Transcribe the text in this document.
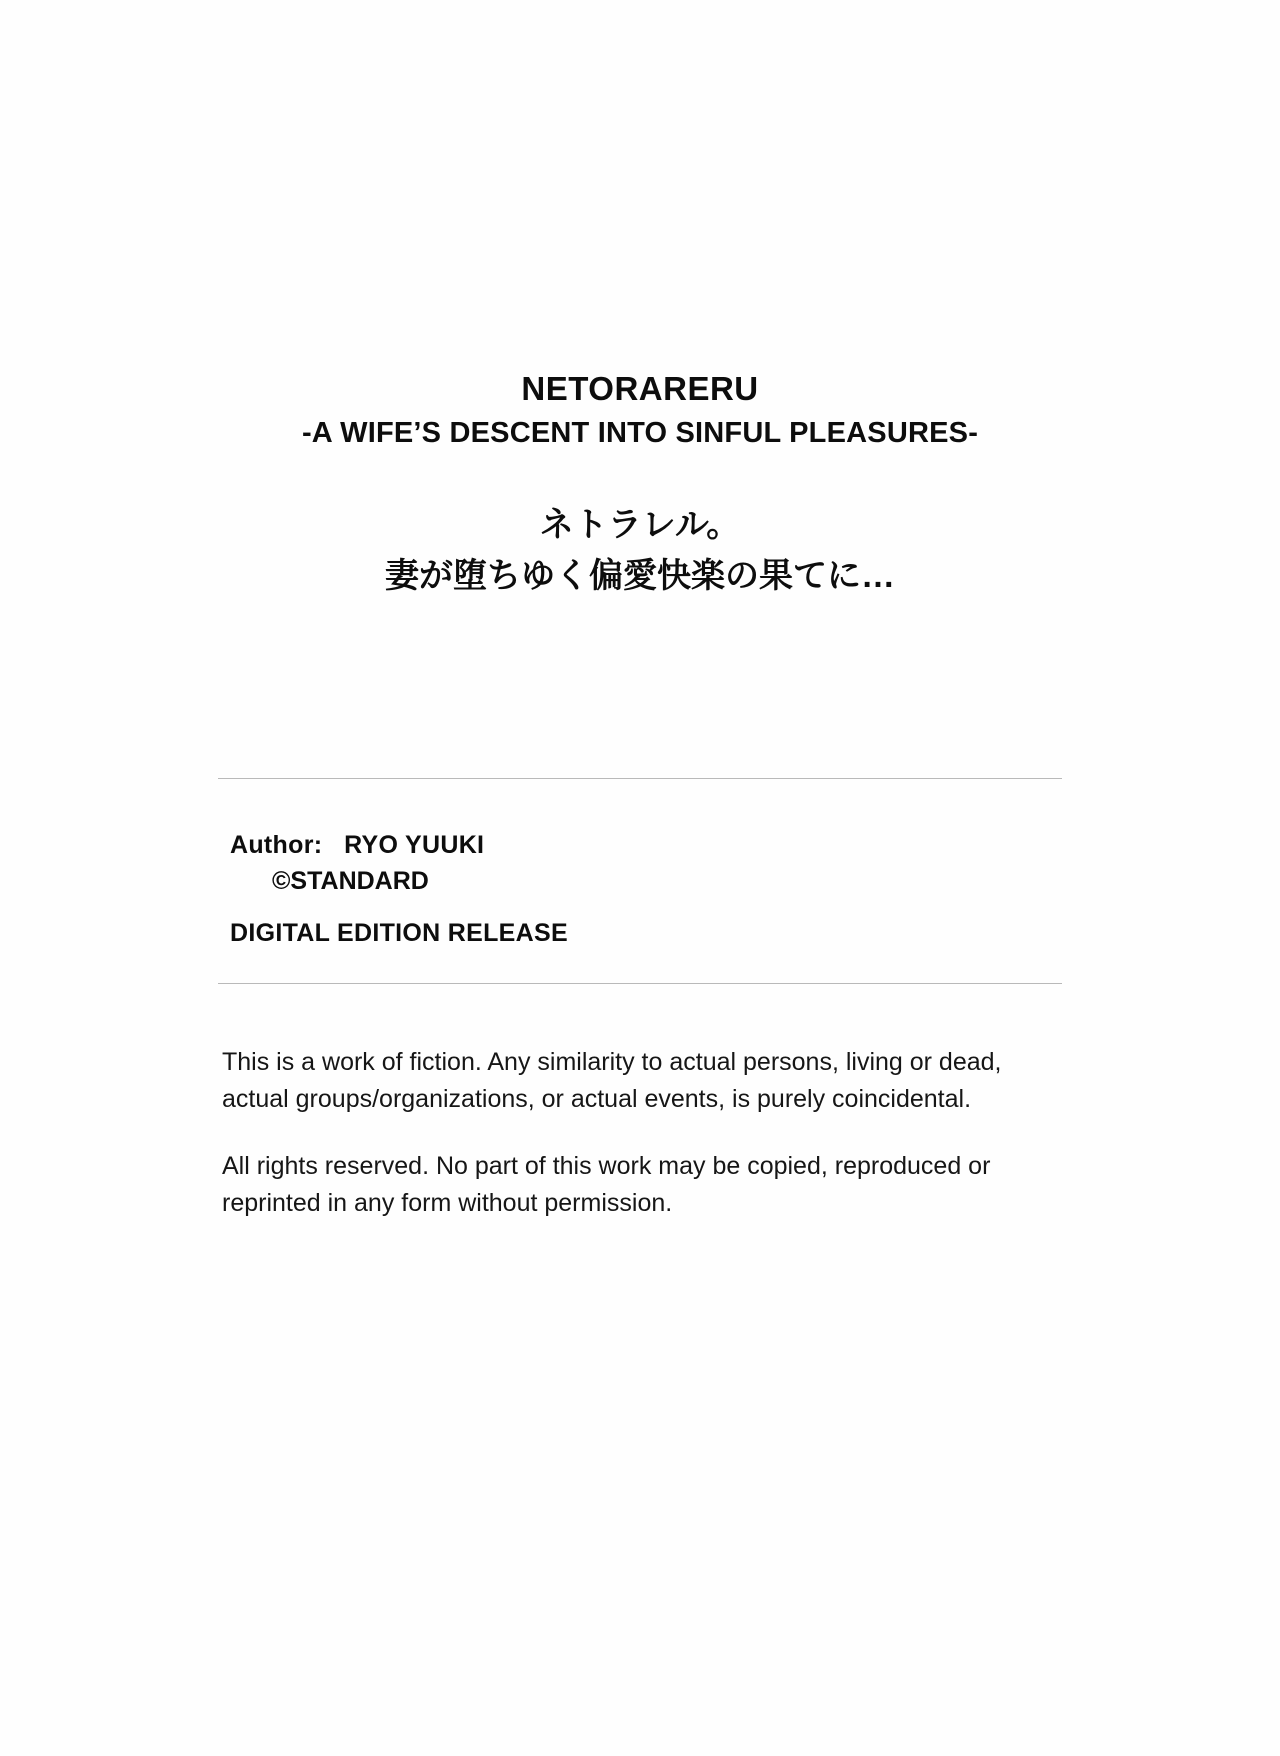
NETORARERU
-A WIFE’S DESCENT INTO SINFUL PLEASURES-
ネトラレル。
妻が堕ちゆく偏愛快楽の果てに…
Author:   RYO YUUKI
©STANDARD
DIGITAL EDITION RELEASE

This is a work of fiction. Any similarity to actual persons, living or dead, actual groups/organizations, or actual events, is purely coincidental.

All rights reserved. No part of this work may be copied, reproduced or reprinted in any form without permission.
